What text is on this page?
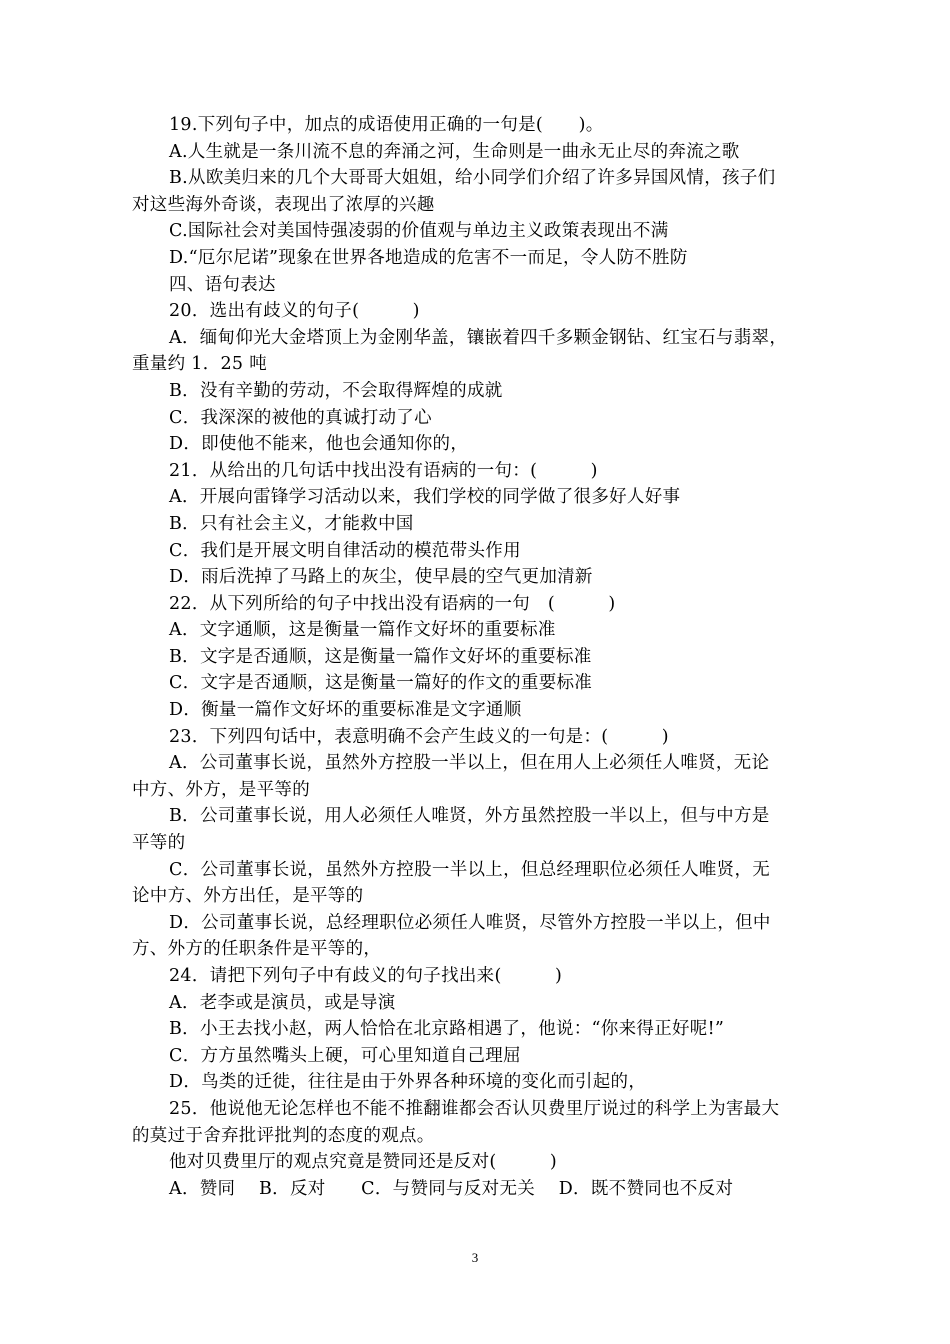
19.下列句子中，加点的成语使用正确的一句是(　　)。
A.人生就是一条川流不息的奔涌之河，生命则是一曲永无止尽的奔流之歌
B.从欧美归来的几个大哥哥大姐姐，给小同学们介绍了许多异国风情，孩子们
对这些海外奇谈，表现出了浓厚的兴趣
C.国际社会对美国恃强凌弱的价值观与单边主义政策表现出不满
D.“厄尔尼诺”现象在世界各地造成的危害不一而足，令人防不胜防
四、语句表达
20．选出有歧义的句子(　　　)
A．缅甸仰光大金塔顶上为金刚华盖，镶嵌着四千多颗金钢钻、红宝石与翡翠，
重量约 1．25 吨
B．没有辛勤的劳动，不会取得辉煌的成就
C．我深深的被他的真诚打动了心
D．即使他不能来，他也会通知你的，
21．从给出的几句话中找出没有语病的一句：(　　　)
A．开展向雷锋学习活动以来，我们学校的同学做了很多好人好事
B．只有社会主义，才能救中国
C．我们是开展文明自律活动的模范带头作用
D．雨后洗掉了马路上的灰尘，使早晨的空气更加清新
22．从下列所给的句子中找出没有语病的一句　(　　　)
A．文字通顺，这是衡量一篇作文好坏的重要标准
B．文字是否通顺，这是衡量一篇作文好坏的重要标准
C．文字是否通顺，这是衡量一篇好的作文的重要标准
D．衡量一篇作文好坏的重要标准是文字通顺
23．下列四句话中，表意明确不会产生歧义的一句是：(　　　)
A．公司董事长说，虽然外方控股一半以上，但在用人上必须任人唯贤，无论
中方、外方，是平等的
B．公司董事长说，用人必须任人唯贤，外方虽然控股一半以上，但与中方是
平等的
C．公司董事长说，虽然外方控股一半以上，但总经理职位必须任人唯贤，无
论中方、外方出任，是平等的
D．公司董事长说，总经理职位必须任人唯贤，尽管外方控股一半以上，但中
方、外方的任职条件是平等的，
24．请把下列句子中有歧义的句子找出来(　　　)
A．老李或是演员，或是导演
B．小王去找小赵，两人恰恰在北京路相遇了，他说：“你来得正好呢!”
C．方方虽然嘴头上硬，可心里知道自己理屈
D．鸟类的迁徙，往往是由于外界各种环境的变化而引起的，
25．他说他无论怎样也不能不推翻谁都会否认贝费里厅说过的科学上为害最大
的莫过于舍弃批评批判的态度的观点。
他对贝费里厅的观点究竟是赞同还是反对(　　　)
A．赞同　 B．反对　　C．与赞同与反对无关　 D．既不赞同也不反对
3
